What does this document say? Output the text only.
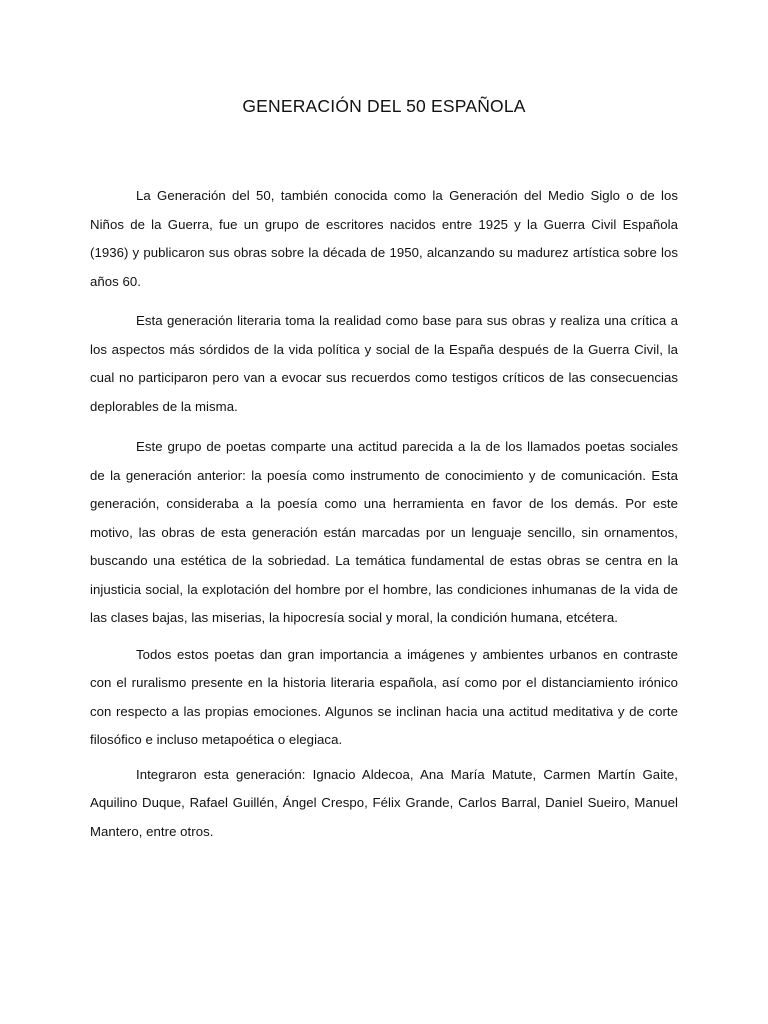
GENERACIÓN DEL 50 ESPAÑOLA

La Generación del 50, también conocida como la Generación del Medio Siglo o de los Niños de la Guerra, fue un grupo de escritores nacidos entre 1925 y la Guerra Civil Española (1936) y publicaron sus obras sobre la década de 1950, alcanzando su madurez artística sobre los años 60.

Esta generación literaria toma la realidad como base para sus obras y realiza una crítica a los aspectos más sórdidos de la vida política y social de la España después de la Guerra Civil, la cual no participaron pero van a evocar sus recuerdos como testigos críticos de las consecuencias deplorables de la misma.

Este grupo de poetas comparte una actitud parecida a la de los llamados poetas sociales de la generación anterior: la poesía como instrumento de conocimiento y de comunicación. Esta generación, consideraba a la poesía como una herramienta en favor de los demás. Por este motivo, las obras de esta generación están marcadas por un lenguaje sencillo, sin ornamentos, buscando una estética de la sobriedad. La temática fundamental de estas obras se centra en la injusticia social, la explotación del hombre por el hombre, las condiciones inhumanas de la vida de las clases bajas, las miserias, la hipocresía social y moral, la condición humana, etcétera.

Todos estos poetas dan gran importancia a imágenes y ambientes urbanos en contraste con el ruralismo presente en la historia literaria española, así como por el distanciamiento irónico con respecto a las propias emociones. Algunos se inclinan hacia una actitud meditativa y de corte filosófico e incluso metapoética o elegiaca.

Integraron esta generación: Ignacio Aldecoa, Ana María Matute, Carmen Martín Gaite, Aquilino Duque, Rafael Guillén, Ángel Crespo, Félix Grande, Carlos Barral, Daniel Sueiro, Manuel Mantero, entre otros.
